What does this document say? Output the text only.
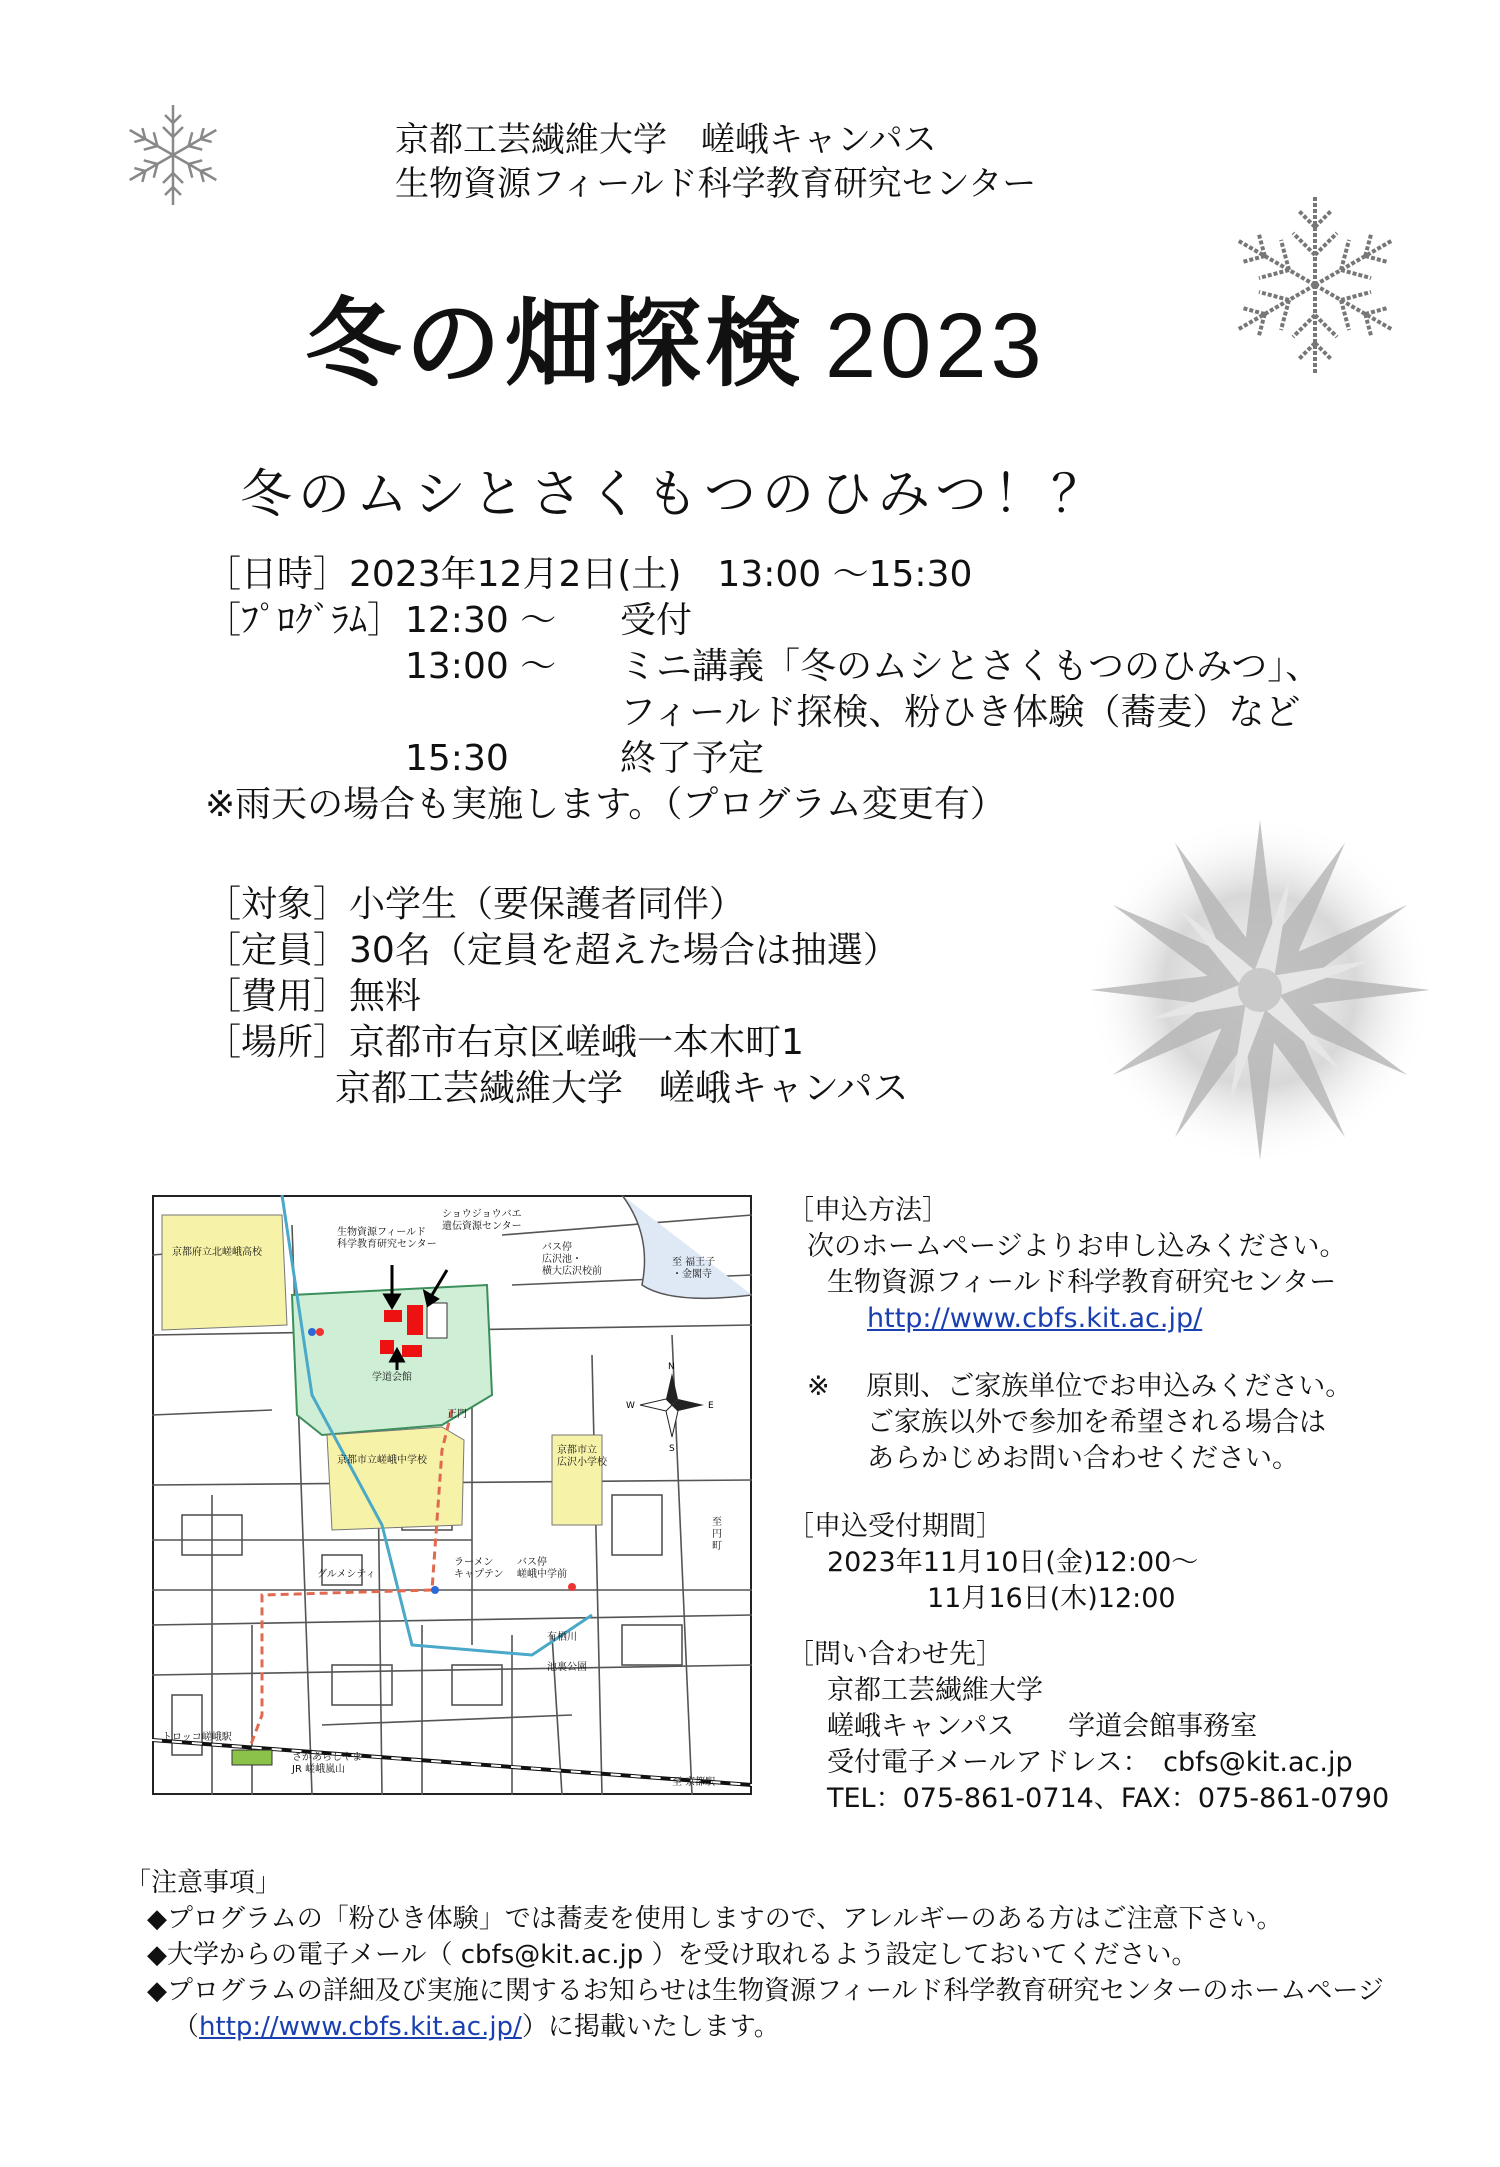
京都工芸繊維大学　嵯峨キャンパス
生物資源フィールド科学教育研究センター
冬の畑探検 2023
冬のムシとさくもつのひみつ！？
［日時］2023年12月2日(土)　13:00 ～15:30
［ﾌﾟﾛｸﾞﾗﾑ］ 12:30 ～ 受付
13:00 ～ ミニ講義「冬のムシとさくもつのひみつ」、
フィールド探検、粉ひき体験（蕎麦）など
15:30	終了予定
※雨天の場合も実施します。（プログラム変更有）
［対象］小学生（要保護者同伴）
［定員］30名（定員を超えた場合は抽選）
［費用］無料
［場所］京都市右京区嵯峨一本木町1
京都工芸繊維大学　嵯峨キャンパス
N
S
W	E
京都府立北嵯峨高校
学道会館
正門
京都市立嵯峨中学校
グルメシティ
有栖川
池裏公園
トロッコ嵯峨駅
至 京都駅
生物資源フィールド科学教育研究センター
ショウジョウバエ遺伝資源センター
バス停広沢池・横大広沢校前
至 福王子・金閣寺
京都市立広沢小学校
ラーメンキャプテン
バス停嵯峨中学前
至円町
さがあらしやま JR 嵯峨嵐山
［申込方法］
次のホームページよりお申し込みください。
生物資源フィールド科学教育研究センター
http://www.cbfs.kit.ac.jp/
※ 原則、ご家族単位でお申込みください。
ご家族以外で参加を希望される場合は
あらかじめお問い合わせください。
［申込受付期間］
2023年11月10日(金)12:00～
11月16日(木)12:00
［問い合わせ先］
京都工芸繊維大学
嵯峨キャンパス　　学道会館事務室
受付電子メールアドレス：　cbfs@kit.ac.jp
TEL：075-861-0714、FAX：075-861-0790
「注意事項」
◆プログラムの「粉ひき体験」では蕎麦を使用しますので、アレルギーのある方はご注意下さい。
◆大学からの電子メール（ cbfs@kit.ac.jp ）を受け取れるよう設定しておいてください。
◆プログラムの詳細及び実施に関するお知らせは生物資源フィールド科学教育研究センターのホームページ
（http://www.cbfs.kit.ac.jp/）に掲載いたします。
